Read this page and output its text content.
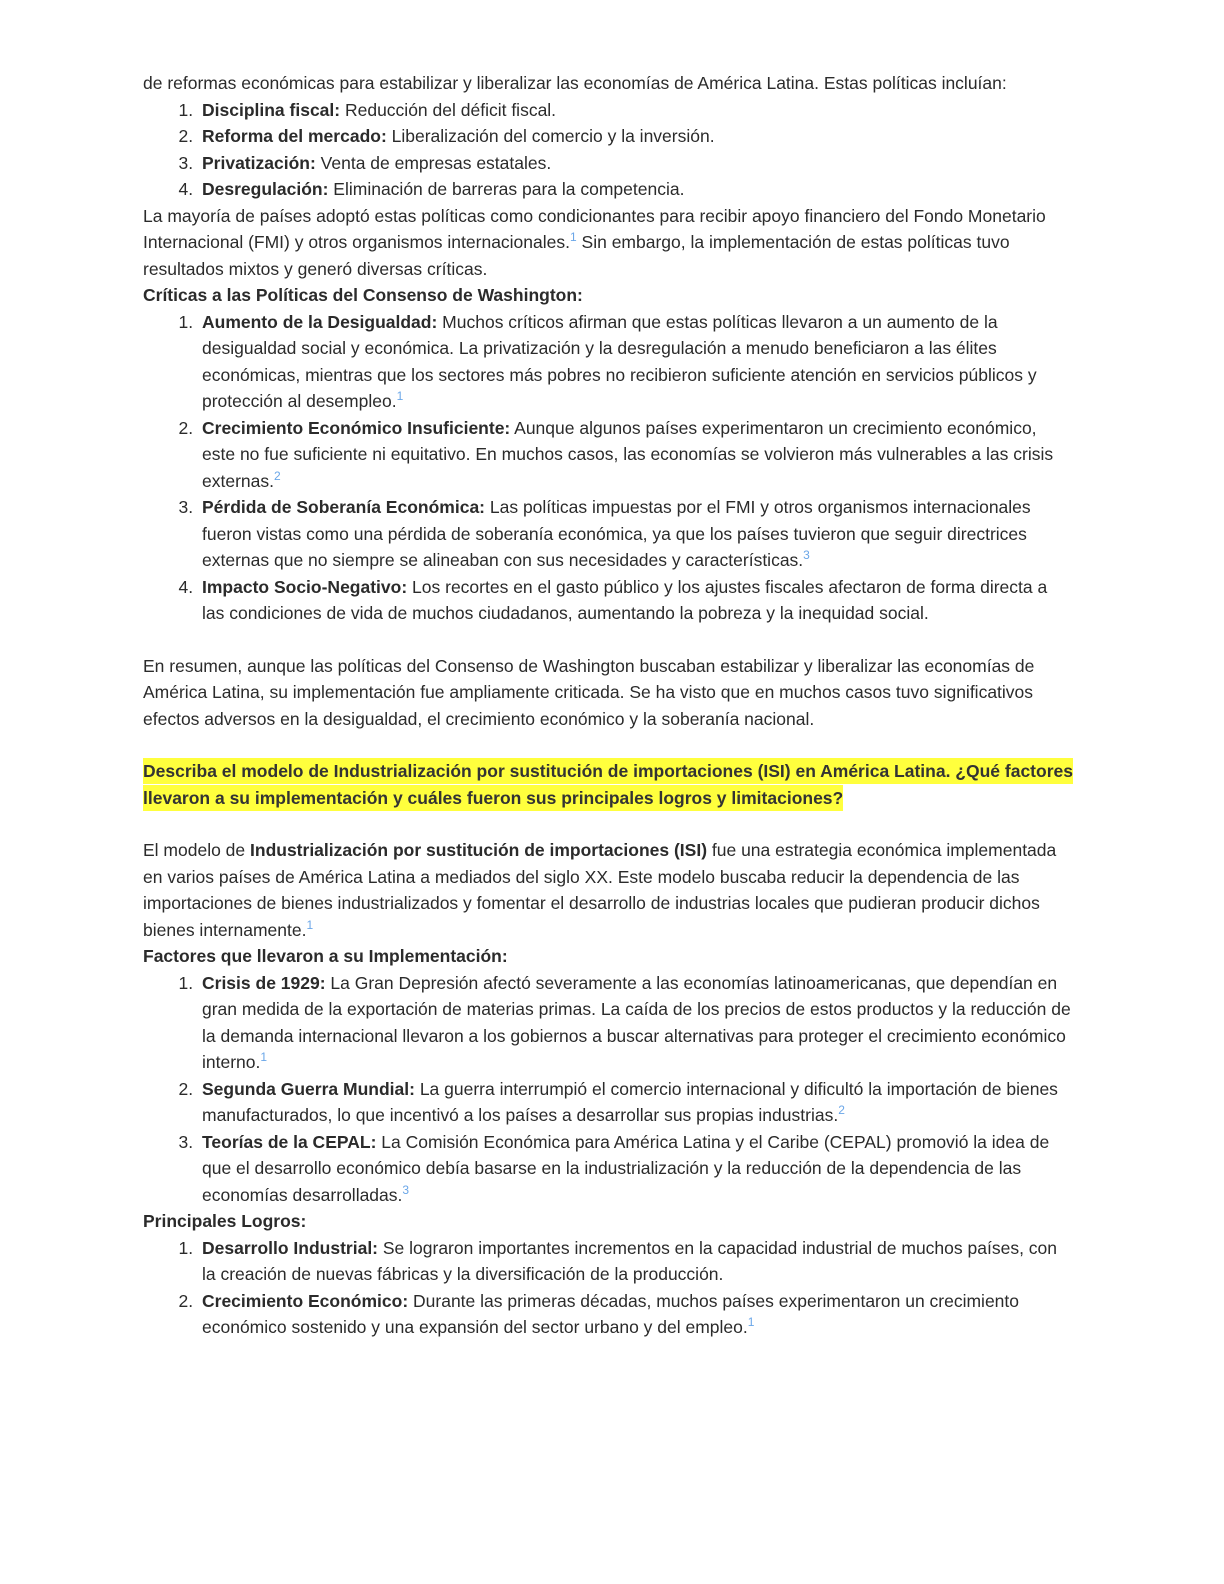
de reformas económicas para estabilizar y liberalizar las economías de América Latina. Estas políticas incluían:

1. Disciplina fiscal: Reducción del déficit fiscal.
2. Reforma del mercado: Liberalización del comercio y la inversión.
3. Privatización: Venta de empresas estatales.
4. Desregulación: Eliminación de barreras para la competencia.

La mayoría de países adoptó estas políticas como condicionantes para recibir apoyo financiero del Fondo Monetario Internacional (FMI) y otros organismos internacionales.$^1$ Sin embargo, la implementación de estas políticas tuvo resultados mixtos y generó diversas críticas.

Críticas a las Políticas del Consenso de Washington:

1. Aumento de la Desigualdad: Muchos críticos afirman que estas políticas llevaron a un aumento de la desigualdad social y económica. La privatización y la desregulación a menudo beneficiaron a las élites económicas, mientras que los sectores más pobres no recibieron suficiente atención en servicios públicos y protección al desempleo.$^1$
2. Crecimiento Económico Insuficiente: Aunque algunos países experimentaron un crecimiento económico, este no fue suficiente ni equitativo. En muchos casos, las economías se volvieron más vulnerables a las crisis externas.$^2$
3. Pérdida de Soberanía Económica: Las políticas impuestas por el FMI y otros organismos internacionales fueron vistas como una pérdida de soberanía económica, ya que los países tuvieron que seguir directrices externas que no siempre se alineaban con sus necesidades y características.$^3$
4. Impacto Socio-Negativo: Los recortes en el gasto público y los ajustes fiscales afectaron de forma directa a las condiciones de vida de muchos ciudadanos, aumentando la pobreza y la inequidad social.

En resumen, aunque las políticas del Consenso de Washington buscaban estabilizar y liberalizar las economías de América Latina, su implementación fue ampliamente criticada. Se ha visto que en muchos casos tuvo significativos efectos adversos en la desigualdad, el crecimiento económico y la soberanía nacional.

Describa el modelo de Industrialización por sustitución de importaciones (ISI) en América Latina. ¿Qué factores llevaron a su implementación y cuáles fueron sus principales logros y limitaciones?

El modelo de Industrialización por sustitución de importaciones (ISI) fue una estrategia económica implementada en varios países de América Latina a mediados del siglo XX. Este modelo buscaba reducir la dependencia de las importaciones de bienes industrializados y fomentar el desarrollo de industrias locales que pudieran producir dichos bienes internamente.$^1$

Factores que llevaron a su Implementación:

1. Crisis de 1929: La Gran Depresión afectó severamente a las economías latinoamericanas, que dependían en gran medida de la exportación de materias primas. La caída de los precios de estos productos y la reducción de la demanda internacional llevaron a los gobiernos a buscar alternativas para proteger el crecimiento económico interno.$^1$
2. Segunda Guerra Mundial: La guerra interrumpió el comercio internacional y dificultó la importación de bienes manufacturados, lo que incentivó a los países a desarrollar sus propias industrias.$^2$
3. Teorías de la CEPAL: La Comisión Económica para América Latina y el Caribe (CEPAL) promovió la idea de que el desarrollo económico debía basarse en la industrialización y la reducción de la dependencia de las economías desarrolladas.$^3$

Principales Logros:

1. Desarrollo Industrial: Se lograron importantes incrementos en la capacidad industrial de muchos países, con la creación de nuevas fábricas y la diversificación de la producción.
2. Crecimiento Económico: Durante las primeras décadas, muchos países experimentaron un crecimiento económico sostenido y una expansión del sector urbano y del empleo.$^1$
